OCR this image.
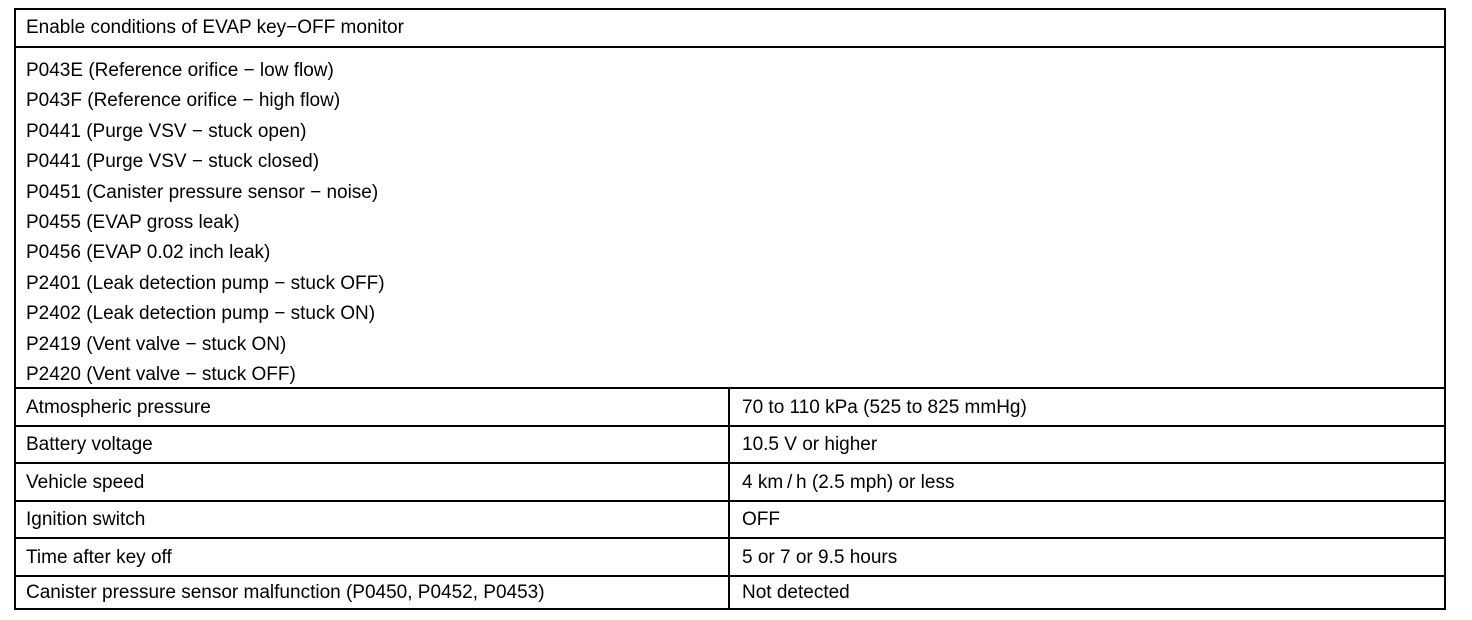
Enable conditions of EVAP key−OFF monitor
P043E (Reference orifice − low flow)
P043F (Reference orifice − high flow)
P0441 (Purge VSV − stuck open)
P0441 (Purge VSV − stuck closed)
P0451 (Canister pressure sensor − noise)
P0455 (EVAP gross leak)
P0456 (EVAP 0.02 inch leak)
P2401 (Leak detection pump − stuck OFF)
P2402 (Leak detection pump − stuck ON)
P2419 (Vent valve − stuck ON)
P2420 (Vent valve − stuck OFF)
Atmospheric pressure	70 to 110 kPa (525 to 825 mmHg)
Battery voltage	10.5 V or higher
Vehicle speed	4 km / h (2.5 mph) or less
Ignition switch	OFF
Time after key off	5 or 7 or 9.5 hours
Canister pressure sensor malfunction (P0450, P0452, P0453)	Not detected
